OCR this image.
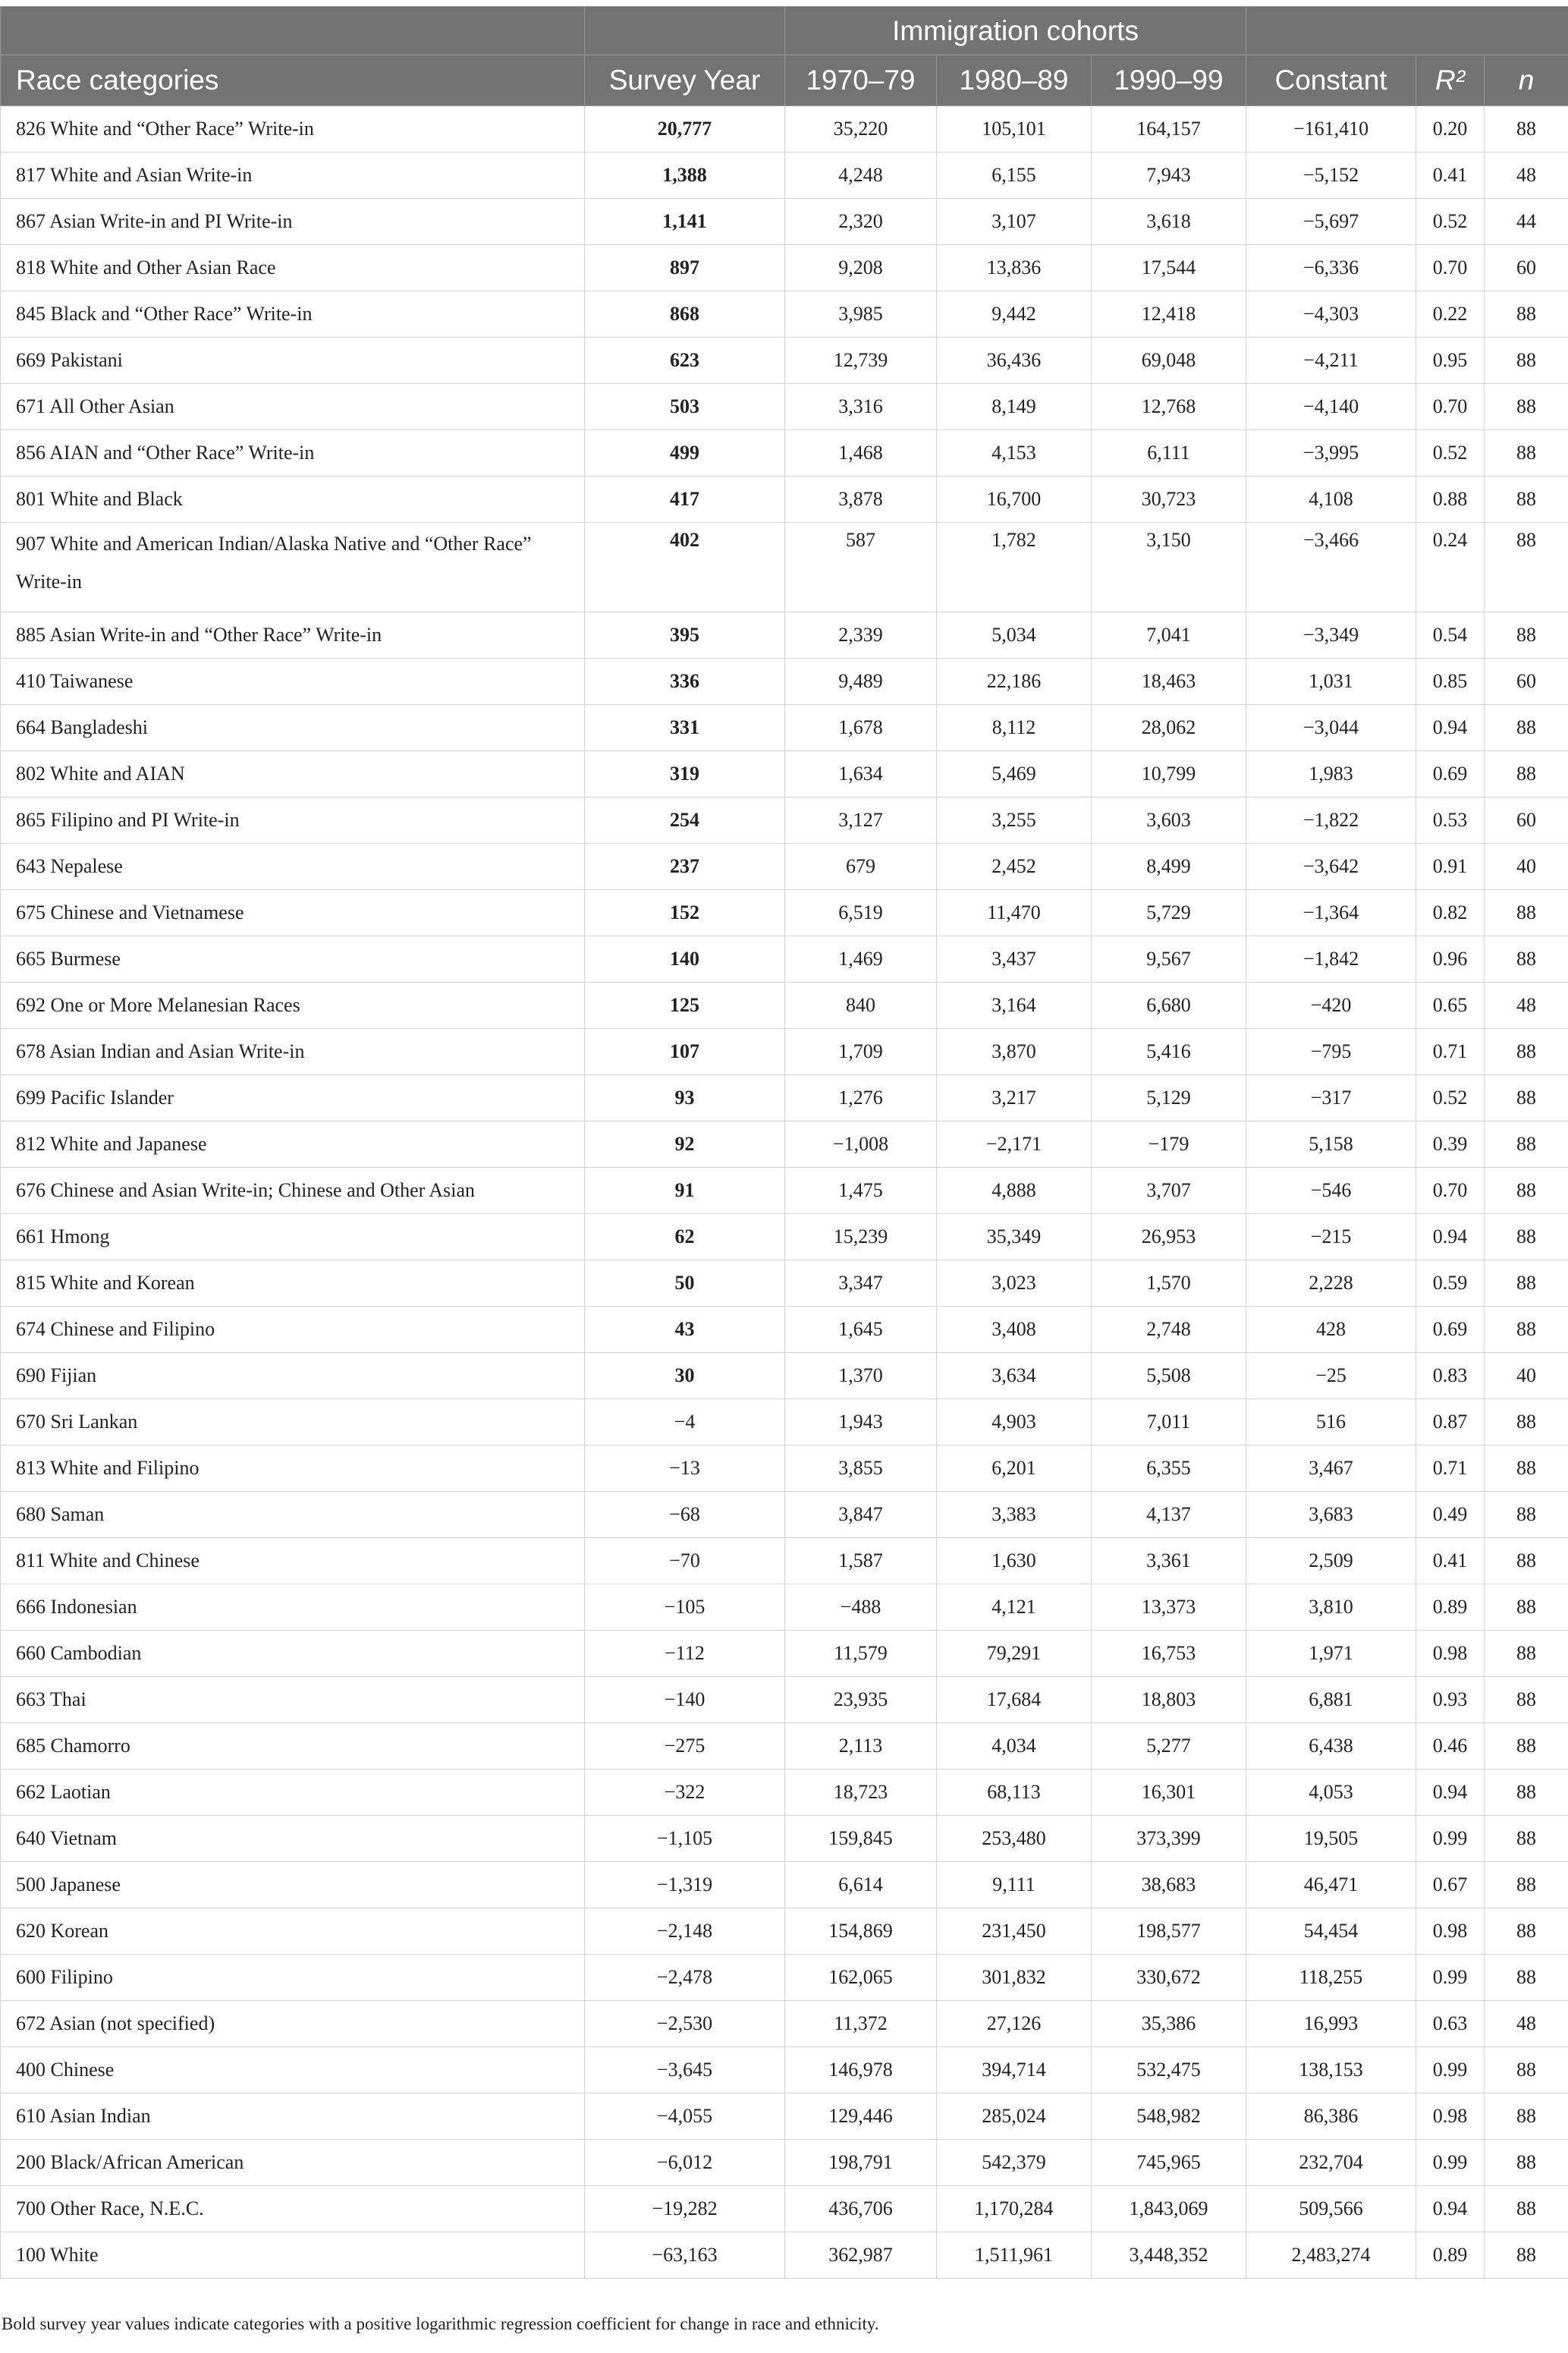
		Immigration cohorts					
Race categories	Survey Year	1970–79	1980–89	1990–99	Constant	R²	n
826 White and “Other Race” Write-in	20,777	35,220	105,101	164,157	−161,410	0.20	88
817 White and Asian Write-in	1,388	4,248	6,155	7,943	−5,152	0.41	48
867 Asian Write-in and PI Write-in	1,141	2,320	3,107	3,618	−5,697	0.52	44
818 White and Other Asian Race	897	9,208	13,836	17,544	−6,336	0.70	60
845 Black and “Other Race” Write-in	868	3,985	9,442	12,418	−4,303	0.22	88
669 Pakistani	623	12,739	36,436	69,048	−4,211	0.95	88
671 All Other Asian	503	3,316	8,149	12,768	−4,140	0.70	88
856 AIAN and “Other Race” Write-in	499	1,468	4,153	6,111	−3,995	0.52	88
801 White and Black	417	3,878	16,700	30,723	4,108	0.88	88
907 White and American Indian/Alaska Native and “Other Race” Write-in	402	587	1,782	3,150	−3,466	0.24	88
885 Asian Write-in and “Other Race” Write-in	395	2,339	5,034	7,041	−3,349	0.54	88
410 Taiwanese	336	9,489	22,186	18,463	1,031	0.85	60
664 Bangladeshi	331	1,678	8,112	28,062	−3,044	0.94	88
802 White and AIAN	319	1,634	5,469	10,799	1,983	0.69	88
865 Filipino and PI Write-in	254	3,127	3,255	3,603	−1,822	0.53	60
643 Nepalese	237	679	2,452	8,499	−3,642	0.91	40
675 Chinese and Vietnamese	152	6,519	11,470	5,729	−1,364	0.82	88
665 Burmese	140	1,469	3,437	9,567	−1,842	0.96	88
692 One or More Melanesian Races	125	840	3,164	6,680	−420	0.65	48
678 Asian Indian and Asian Write-in	107	1,709	3,870	5,416	−795	0.71	88
699 Pacific Islander	93	1,276	3,217	5,129	−317	0.52	88
812 White and Japanese	92	−1,008	−2,171	−179	5,158	0.39	88
676 Chinese and Asian Write-in; Chinese and Other Asian	91	1,475	4,888	3,707	−546	0.70	88
661 Hmong	62	15,239	35,349	26,953	−215	0.94	88
815 White and Korean	50	3,347	3,023	1,570	2,228	0.59	88
674 Chinese and Filipino	43	1,645	3,408	2,748	428	0.69	88
690 Fijian	30	1,370	3,634	5,508	−25	0.83	40
670 Sri Lankan	−4	1,943	4,903	7,011	516	0.87	88
813 White and Filipino	−13	3,855	6,201	6,355	3,467	0.71	88
680 Saman	−68	3,847	3,383	4,137	3,683	0.49	88
811 White and Chinese	−70	1,587	1,630	3,361	2,509	0.41	88
666 Indonesian	−105	−488	4,121	13,373	3,810	0.89	88
660 Cambodian	−112	11,579	79,291	16,753	1,971	0.98	88
663 Thai	−140	23,935	17,684	18,803	6,881	0.93	88
685 Chamorro	−275	2,113	4,034	5,277	6,438	0.46	88
662 Laotian	−322	18,723	68,113	16,301	4,053	0.94	88
640 Vietnam	−1,105	159,845	253,480	373,399	19,505	0.99	88
500 Japanese	−1,319	6,614	9,111	38,683	46,471	0.67	88
620 Korean	−2,148	154,869	231,450	198,577	54,454	0.98	88
600 Filipino	−2,478	162,065	301,832	330,672	118,255	0.99	88
672 Asian (not specified)	−2,530	11,372	27,126	35,386	16,993	0.63	48
400 Chinese	−3,645	146,978	394,714	532,475	138,153	0.99	88
610 Asian Indian	−4,055	129,446	285,024	548,982	86,386	0.98	88
200 Black/African American	−6,012	198,791	542,379	745,965	232,704	0.99	88
700 Other Race, N.E.C.	−19,282	436,706	1,170,284	1,843,069	509,566	0.94	88
100 White	−63,163	362,987	1,511,961	3,448,352	2,483,274	0.89	88
Bold survey year values indicate categories with a positive logarithmic regression coefficient for change in race and ethnicity.
